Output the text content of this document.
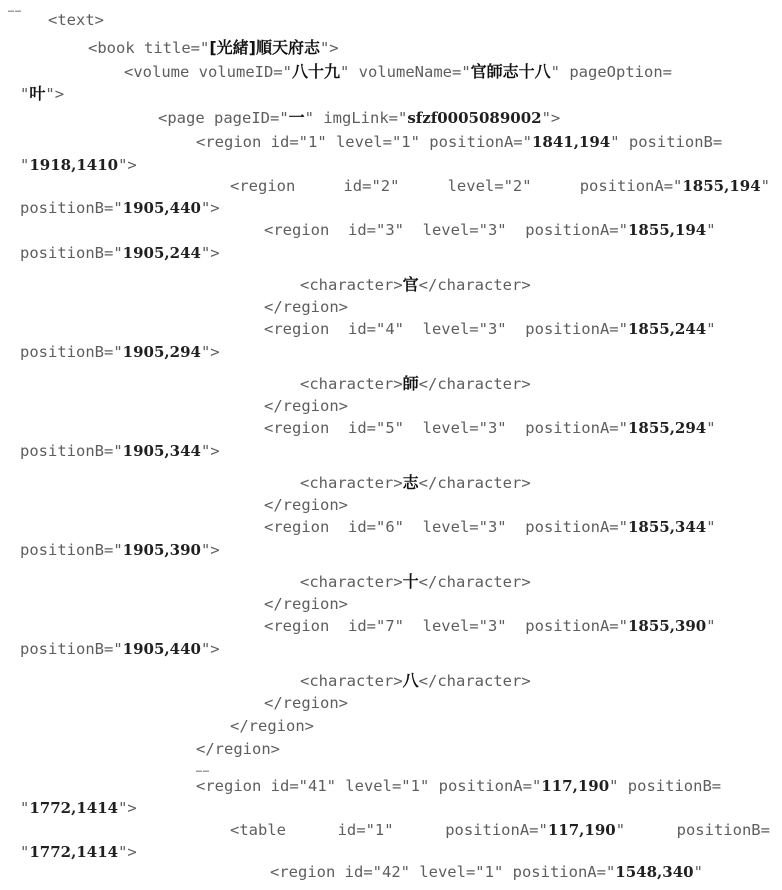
……
<text>
<book title="[光緒]順天府志">
<volume volumeID="八十九" volumeName="官師志十八" pageOption=
"叶">
<page pageID="一" imgLink="sfzf0005089002">
<region id="1" level="1" positionA="1841,194" positionB=
"1918,1410">
<region	id="2"	level="2"	positionA="1855,194"
positionB="1905,440">
<region  id="3"  level="3"  positionA="1855,194"
positionB="1905,244">
<character>官</character>
</region>
<region  id="4"  level="3"  positionA="1855,244"
positionB="1905,294">
<character>師</character>
</region>
<region  id="5"  level="3"  positionA="1855,294"
positionB="1905,344">
<character>志</character>
</region>
<region  id="6"  level="3"  positionA="1855,344"
positionB="1905,390">
<character>十</character>
</region>
<region  id="7"  level="3"  positionA="1855,390"
positionB="1905,440">
<character>八</character>
</region>
</region>
</region>
……
<region id="41" level="1" positionA="117,190" positionB=
"1772,1414">
<table	id="1"	positionA="117,190"	positionB=
"1772,1414">
<region id="42" level="1" positionA="1548,340"
